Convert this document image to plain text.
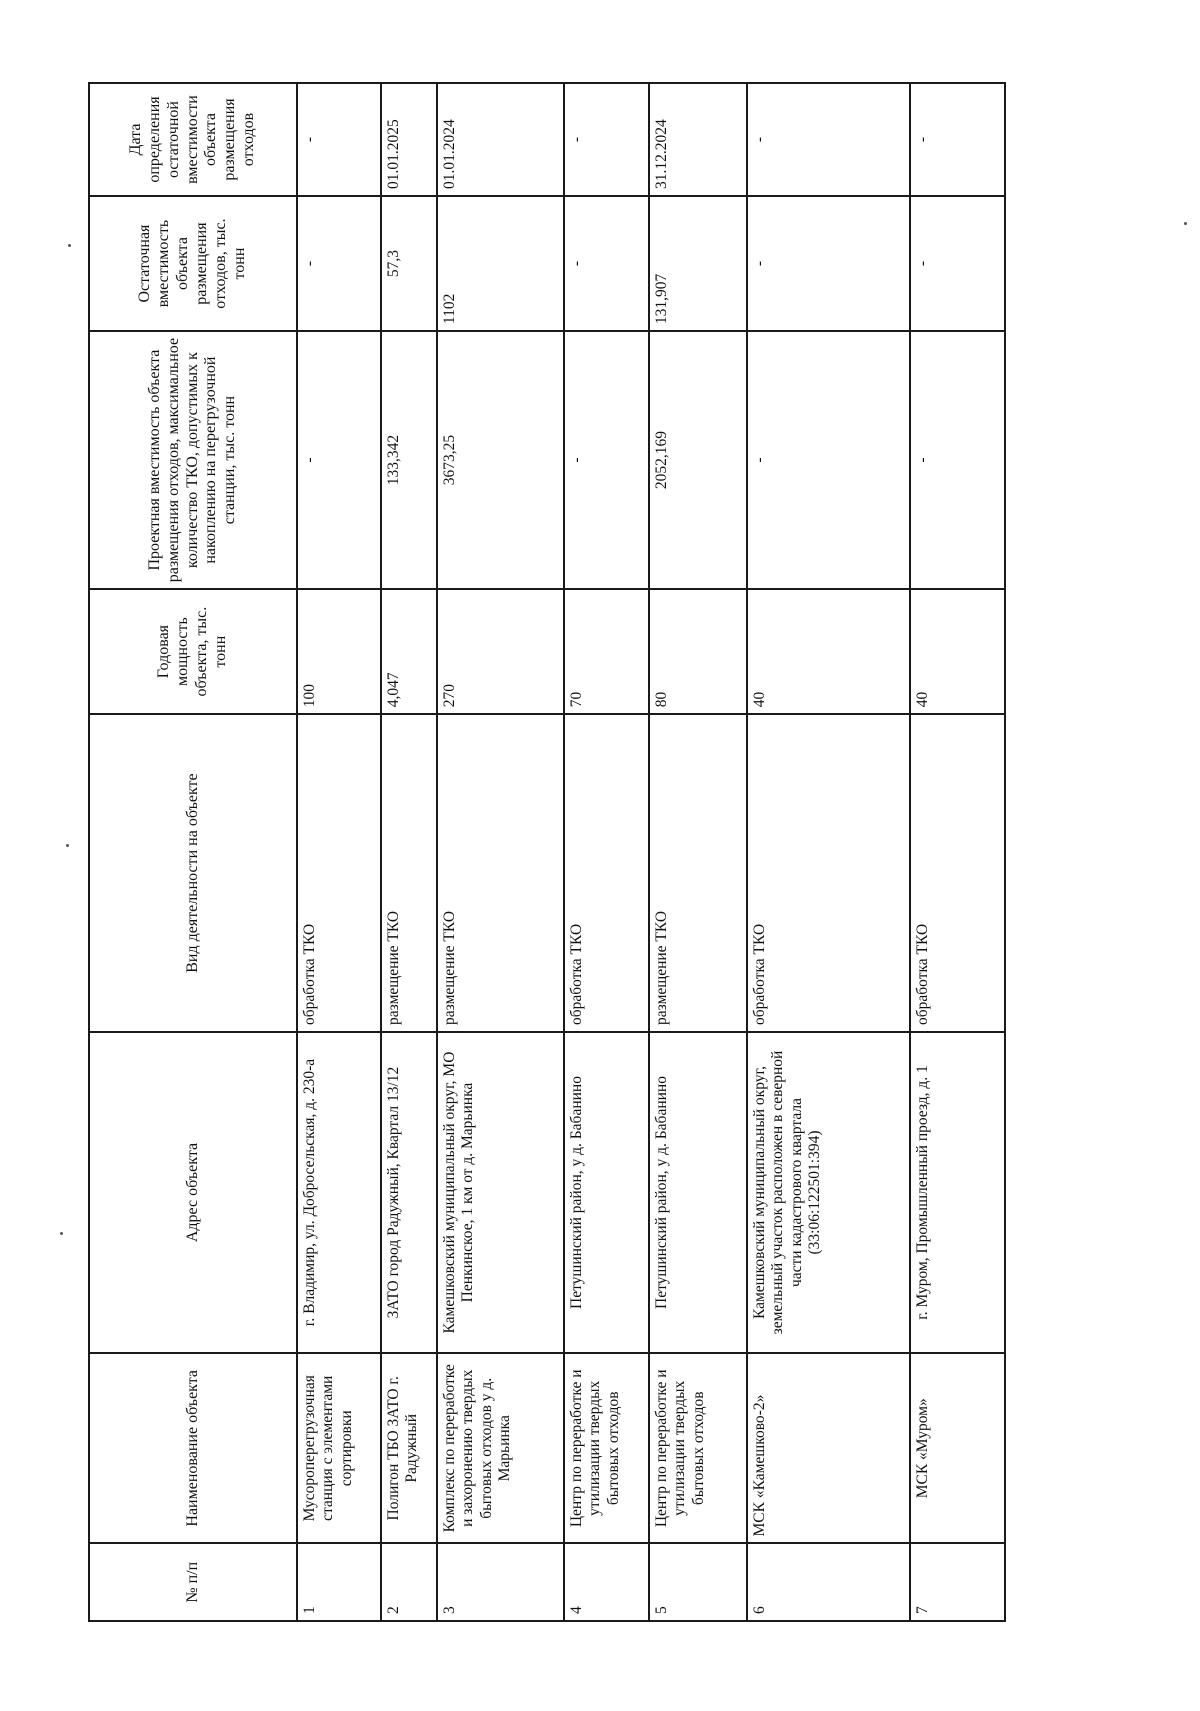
№ п/п	Наименование объекта	Адрес объекта	Вид деятельности на объекте	Годовая мощность объекта, тыс. тонн	Проектная вместимость объекта размещения отходов, максимальное количество ТКО, допустимых к накоплению на перегрузочной станции, тыс. тонн	Остаточная вместимость объекта размещения отходов, тыс. тонн	Дата определения остаточной вместимости объекта размещения отходов
1	Мусороперегрузочная станция с элементами сортировки	г. Владимир, ул. Добросельская, д. 230-а	обработка ТКО	100	-	-	-
2	Полигон ТБО ЗАТО г. Радужный	ЗАТО город Радужный, Квартал 13/12	размещение ТКО	4,047	133,342	57,3	01.01.2025
3	Комплекс по переработке и захоронению твердых бытовых отходов у д. Марьинка	Камешковский муниципальный округ, МО Пенкинское, 1 км от д. Марьинка	размещение ТКО	270	3673,25	1102	01.01.2024
4	Центр по переработке и утилизации твердых бытовых отходов	Петушинский район, у д. Бабанино	обработка ТКО	70	-	-	-
5	Центр по переработке и утилизации твердых бытовых отходов	Петушинский район, у д. Бабанино	размещение ТКО	80	2052,169	131,907	31.12.2024
6	МСК «Камешково-2»	Камешковский муниципальный округ, земельный участок расположен в северной части кадастрового квартала (33:06:122501:394)	обработка ТКО	40	-	-	-
7	МСК «Муром»	г. Муром, Промышленный проезд, д. 1	обработка ТКО	40	-	-	-
